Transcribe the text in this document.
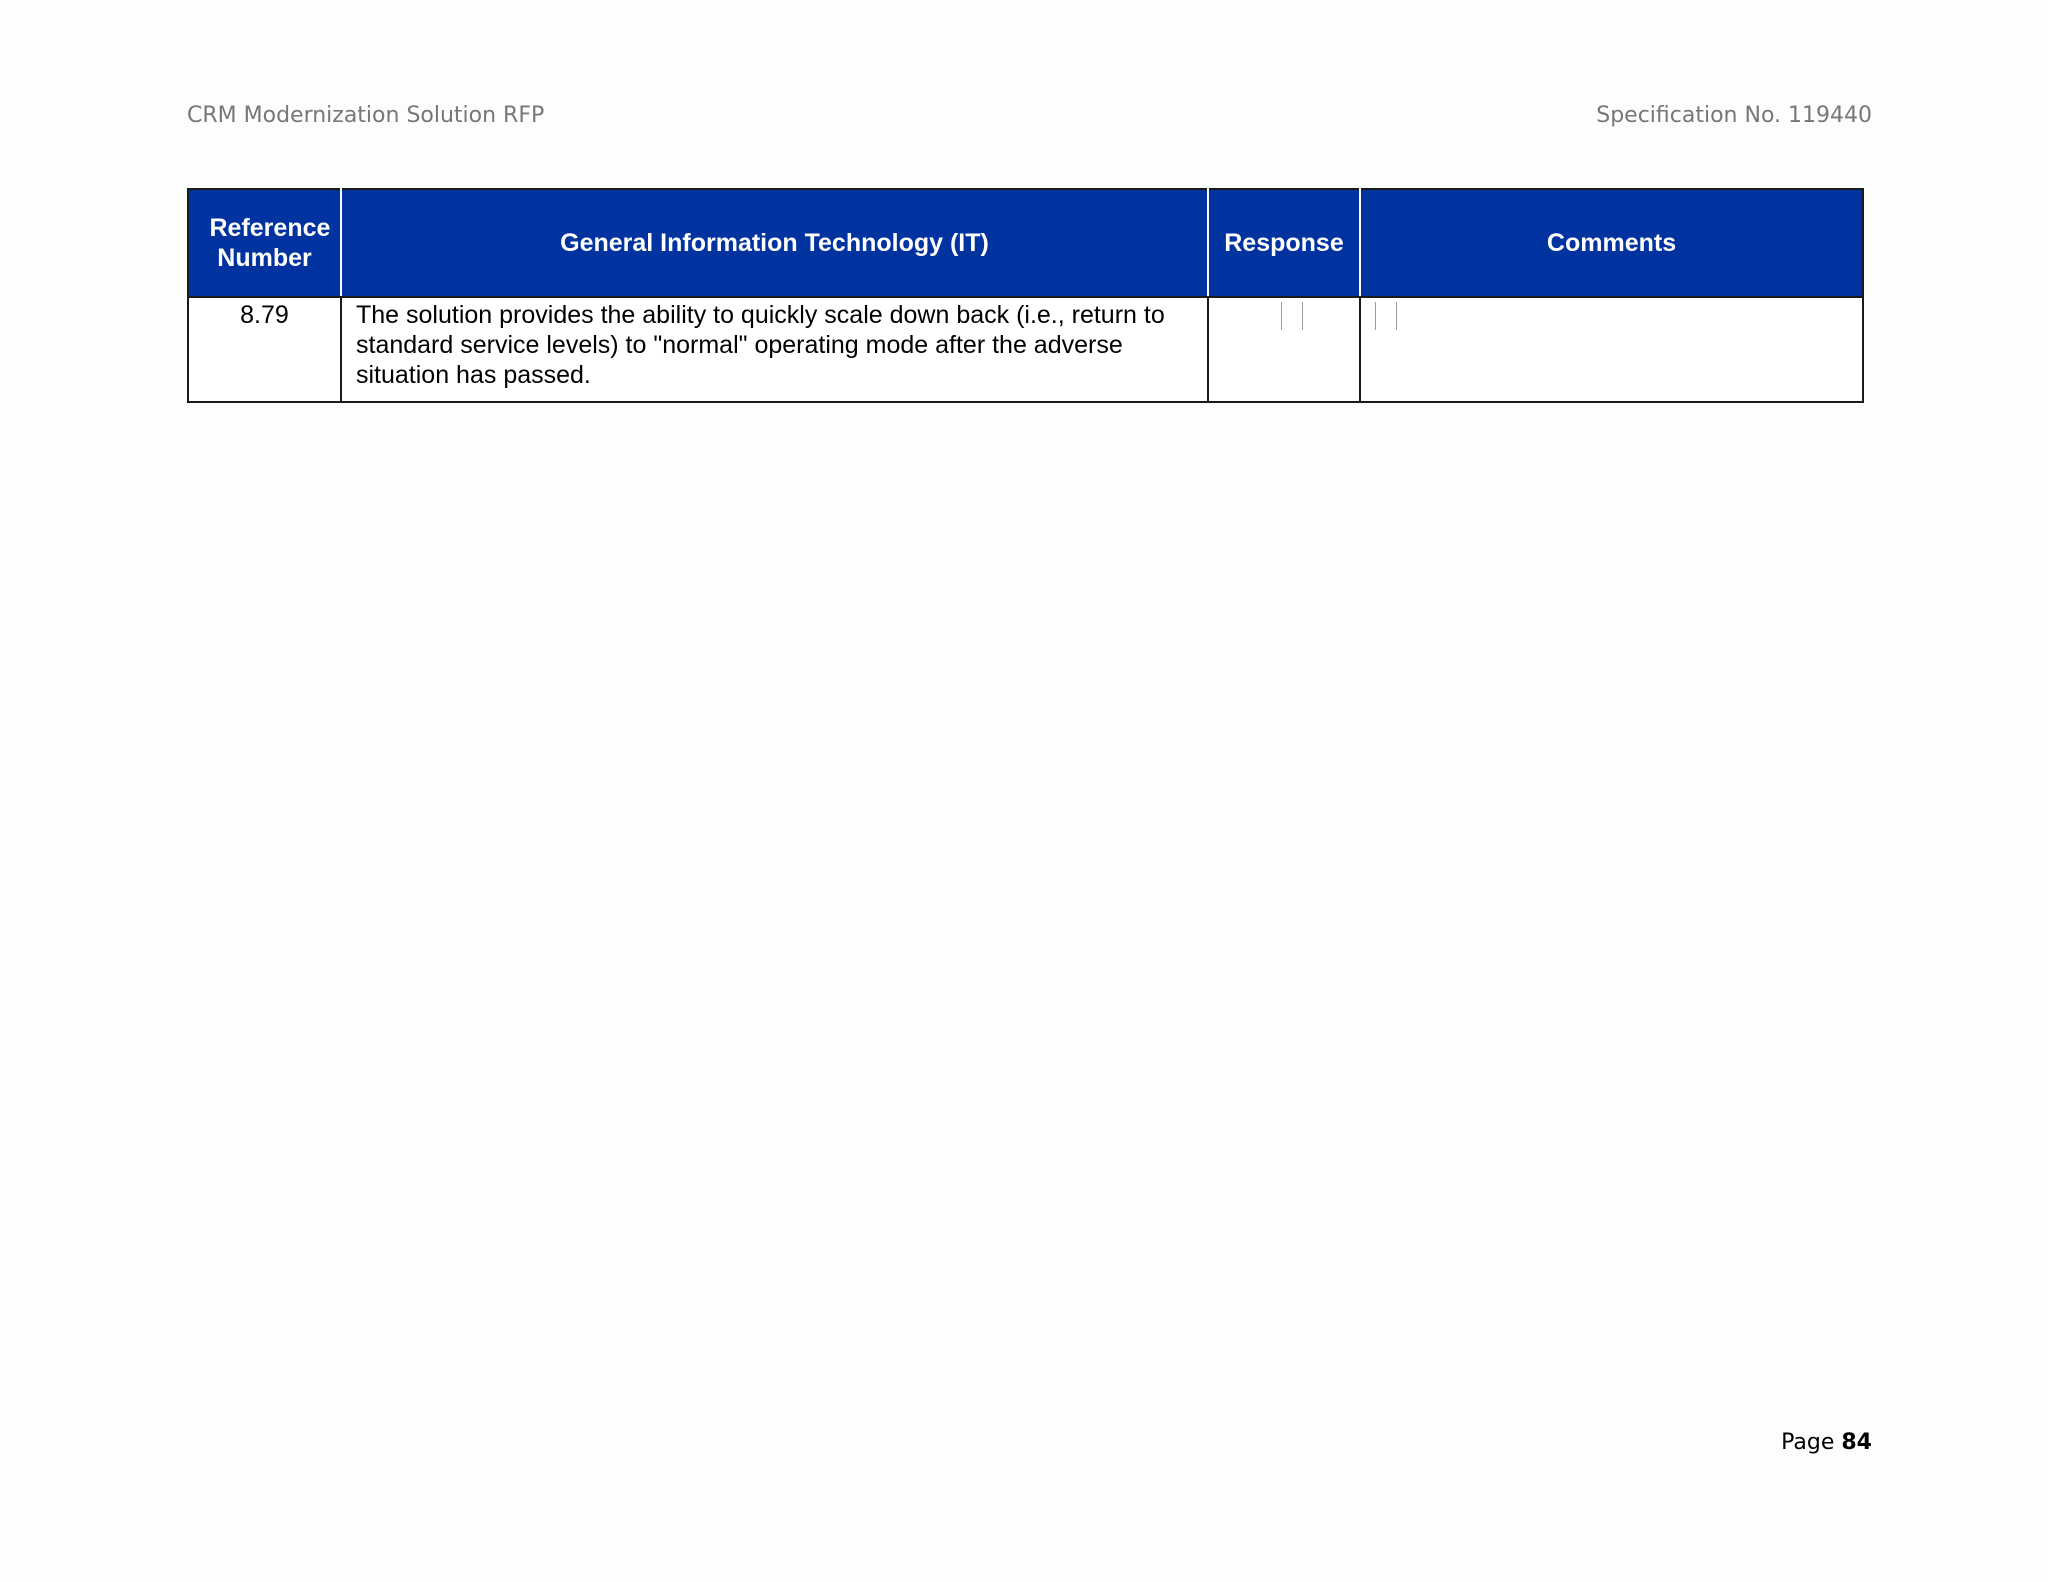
CRM Modernization Solution RFP	Specification No. 119440
Reference Number	General Information Technology (IT)	Response	Comments
8.79	The solution provides the ability to quickly scale down back (i.e., return to standard service levels) to "normal" operating mode after the adverse situation has passed.	

Page 84
